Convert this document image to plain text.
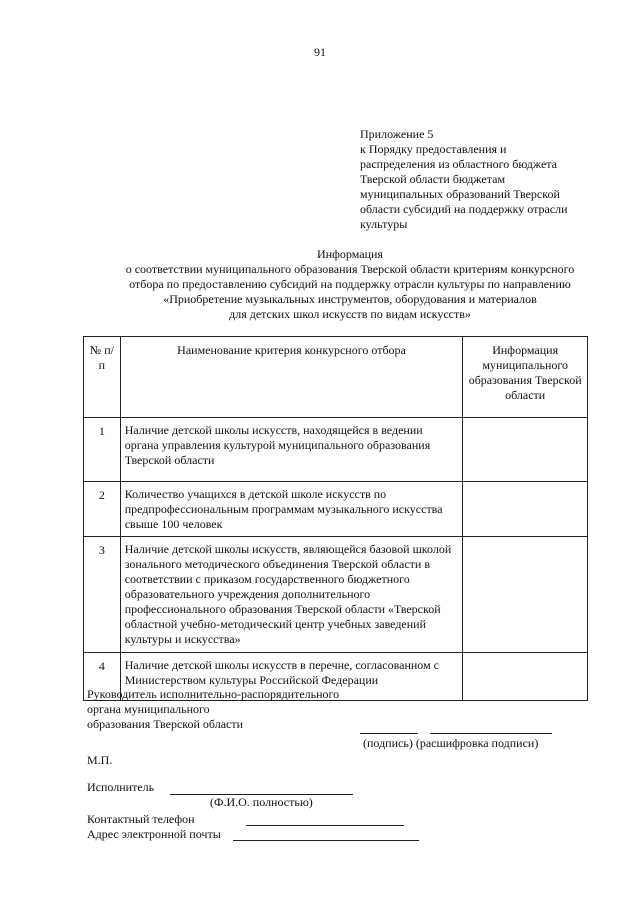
91
Приложение 5
к Порядку предоставления и
распределения из областного бюджета
Тверской области бюджетам
муниципальных образований Тверской
области субсидий на поддержку отрасли
культуры
Информация
о соответствии муниципального образования Тверской области критериям конкурсного
отбора по предоставлению субсидий на поддержку отрасли культуры по направлению
«Приобретение музыкальных инструментов, оборудования и материалов
для детских школ искусств по видам искусств»
№ п/п	Наименование критерия конкурсного отбора	Информация муниципального образования Тверской области
1	Наличие детской школы искусств, находящейся в ведении органа управления культурой муниципального образования Тверской области	
2	Количество учащихся в детской школе искусств по предпрофессиональным программам музыкального искусства свыше 100 человек	
3	Наличие детской школы искусств, являющейся базовой школой зонального методического объединения Тверской области в соответствии с приказом государственного бюджетного образовательного учреждения дополнительного профессионального образования Тверской области «Тверской областной учебно-методический центр учебных заведений культуры и искусства»	
4	Наличие детской школы искусств в перечне, согласованном с Министерством культуры Российской Федерации	
Руководитель исполнительно-распорядительного
органа муниципального
образования Тверской области
(подпись) (расшифровка подписи)
М.П.
Исполнитель
(Ф.И.О. полностью)
Контактный телефон
Адрес электронной почты
